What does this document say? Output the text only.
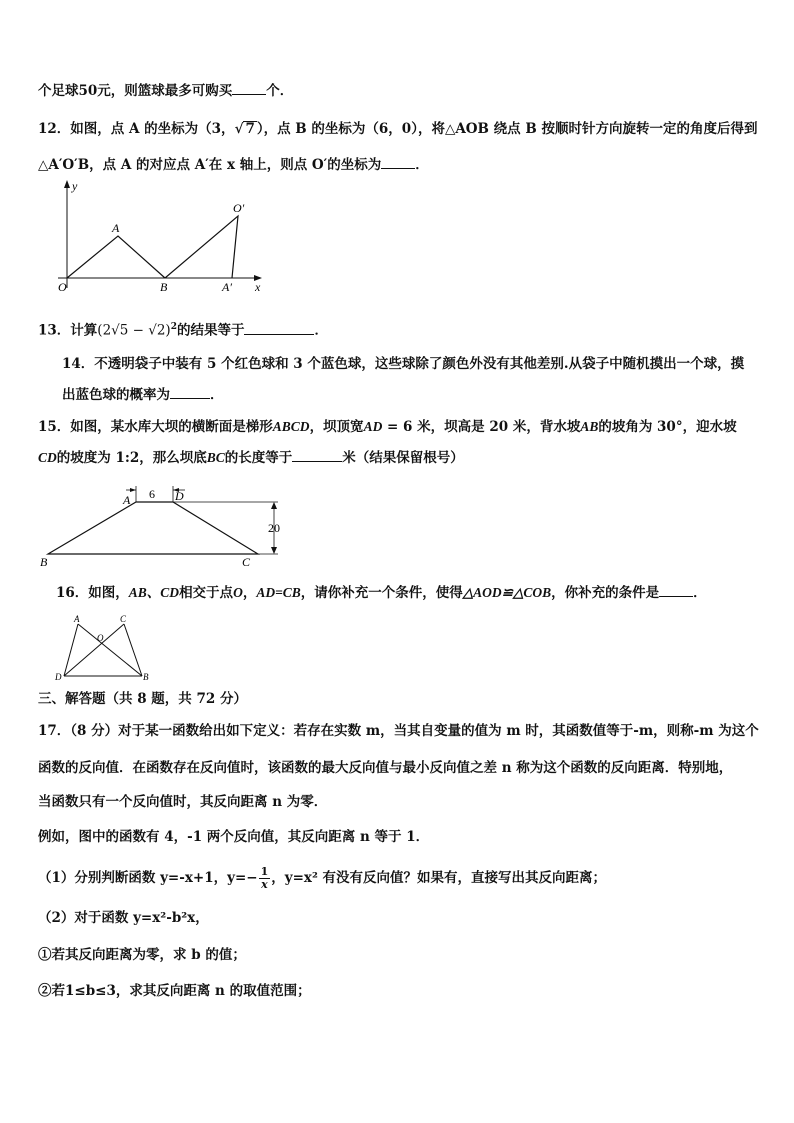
个足球50元，则篮球最多可购买	个．
12．如图，点 A 的坐标为（3，√ 7 ），点 B 的坐标为（6，0），将△AOB 绕点 B 按顺时针方向旋转一定的角度后得到
△A′O′B，点 A 的对应点 A′在 x 轴上，则点 O′的坐标为	．
y
x
O
A
B	A′
O′
13．计算$(2√5 - √2)^2$的结果等于	．
14．不透明袋子中装有 5 个红色球和 3 个蓝色球，这些球除了颜色外没有其他差别.从袋子中随机摸出一个球，摸
出蓝色球的概率为	．
15．如图，某水库大坝的横断面是梯形ABCD，坝顶宽AD = 6 米，坝高是 20 米，背水坡AB的坡角为 30°，迎水坡
CD的坡度为 1:2，那么坝底BC的长度等于	米（结果保留根号）
A	D
6
20
B	C
16．如图，AB、CD相交于点O，AD=CB，请你补充一个条件，使得△AOD≌△COB，你补充的条件是	．
A	C
O
D	B
三、解答题（共 8 题，共 72 分）
17．（8 分）对于某一函数给出如下定义：若存在实数 m，当其自变量的值为 m 时，其函数值等于-m，则称-m 为这个
函数的反向值．在函数存在反向值时，该函数的最大反向值与最小反向值之差 n 称为这个函数的反向距离．特别地，
当函数只有一个反向值时，其反向距离 n 为零．
例如，图中的函数有 4，-1 两个反向值，其反向距离 n 等于 1．
（1）分别判断函数 y=-x+1，$y=- \frac{1}{x}$ ，y=x² 有没有反向值？如果有，直接写出其反向距离；
（2）对于函数 y=x²-b²x，
①若其反向距离为零，求 b 的值；
②若1≤b≤3，求其反向距离 n 的取值范围；
